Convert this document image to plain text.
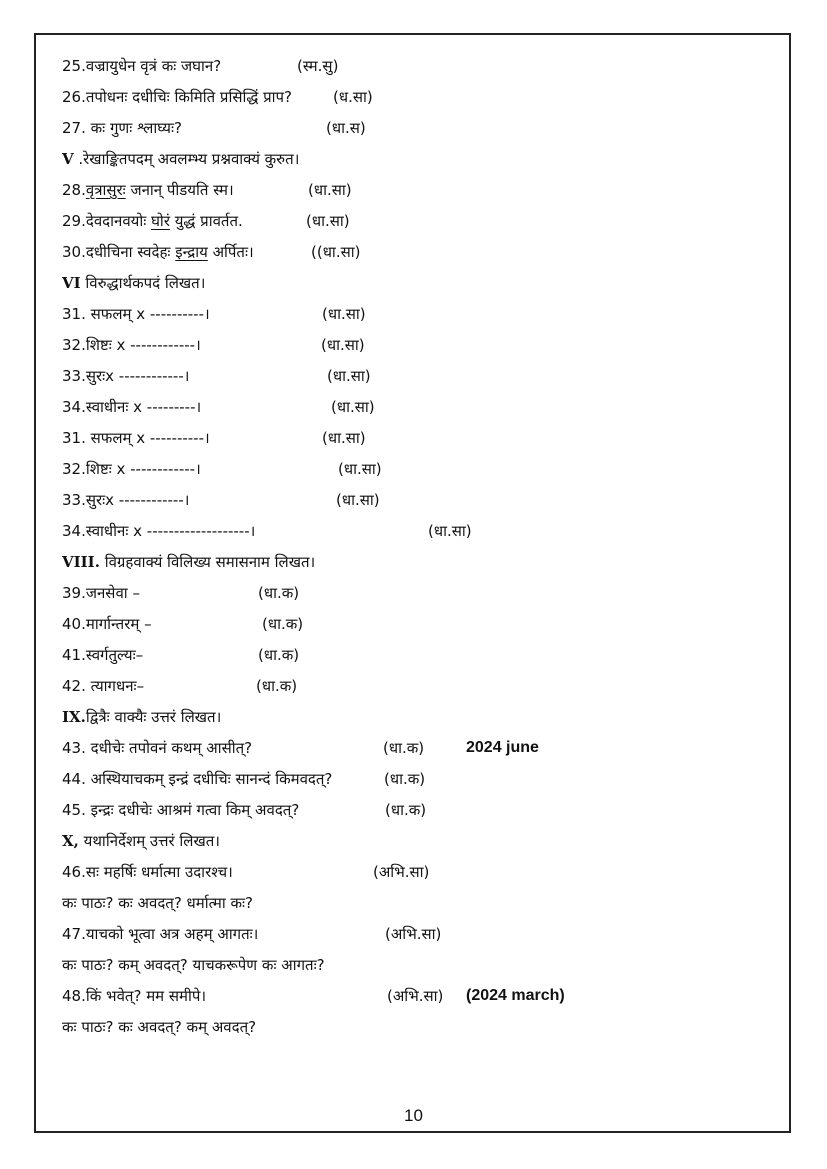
25.वज्रायुधेन वृत्रं कः जघान?	(स्म.सु)
26.तपोधनः दधीचिः किमिति प्रसिद्धिं प्राप?	(ध.सा)
27. कः गुणः श्लाघ्यः?	(धा.स)
V .रेखाङ्कितपदम् अवलम्भ्य प्रश्नवाक्यं कुरुत।
28.वृत्रासुरः जनान् पीडयति स्म।	(धा.सा)
29.देवदानवयोः घोरं युद्धं प्रावर्तत.	(धा.सा)
30.दधीचिना स्वदेहः इन्द्राय अर्पितः।	((धा.सा)
VI विरुद्धार्थकपदं लिखत।
31. सफलम् x ----------।	(धा.सा)
32.शिष्टः x ------------।	(धा.सा)
33.सुरःx ------------।	(धा.सा)
34.स्वाधीनः x ---------।	(धा.सा)
31. सफलम् x ----------।	(धा.सा)
32.शिष्टः x ------------।	(धा.सा)
33.सुरःx ------------।	(धा.सा)
34.स्वाधीनः x -------------------।	(धा.सा)
VIII. विग्रहवाक्यं विलिख्य समासनाम लिखत।
39.जनसेवा –	(धा.क)
40.मार्गान्तरम् –	(धा.क)
41.स्वर्गतुल्यः–	(धा.क)
42. त्यागधनः–	(धा.क)
IX.द्वित्रैः वाक्यैः उत्तरं लिखत।
43. दधीचेः तपोवनं कथम् आसीत्?	(धा.क)	2024 june
44. अस्थियाचकम् इन्द्रं दधीचिः सानन्दं किमवदत्?	(धा.क)
45. इन्द्रः दधीचेः आश्रमं गत्वा किम् अवदत्?	(धा.क)
X, यथानिर्देशम् उत्तरं लिखत।
46.सः महर्षिः धर्मात्मा उदारश्च।	(अभि.सा)
कः पाठः? कः अवदत्? धर्मात्मा कः?
47.याचको भूत्वा अत्र अहम् आगतः।	(अभि.सा)
कः पाठः? कम् अवदत्? याचकरूपेण कः आगतः?
48.किं भवेत्? मम समीपे।	(अभि.सा) (2024 march)
कः पाठः? कः अवदत्? कम् अवदत्?
10
